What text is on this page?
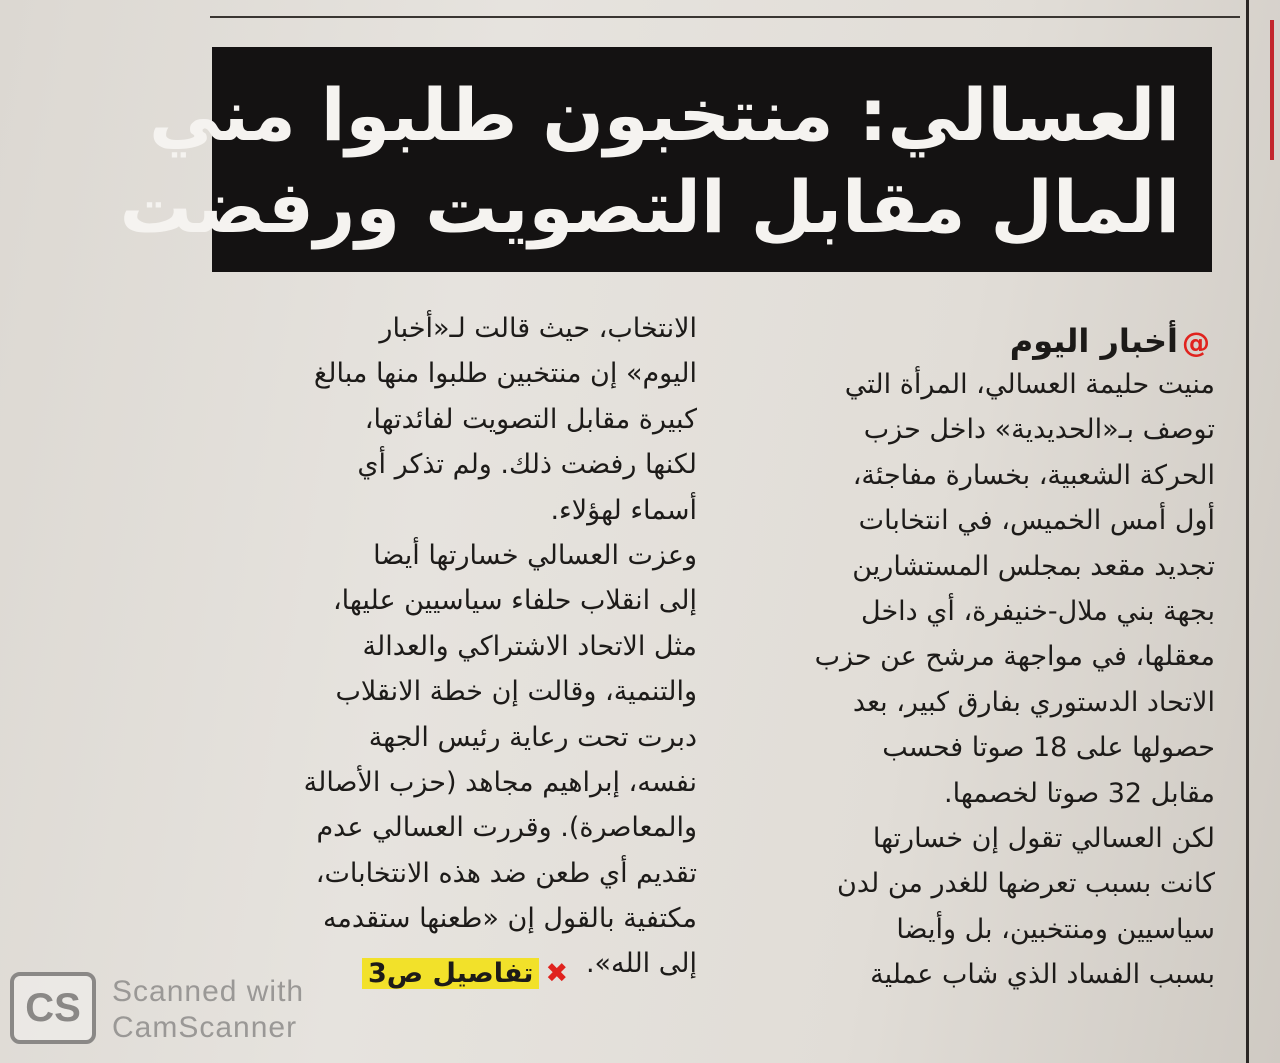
العسالي: منتخبون طلبوا مني
المال مقابل التصويت ورفضت
@أخبار اليوم
منيت حليمة العسالي، المرأة التي
توصف بـ«الحديدية» داخل حزب
الحركة الشعبية، بخسارة مفاجئة،
أول أمس الخميس، في انتخابات
تجديد مقعد بمجلس المستشارين
بجهة بني ملال-خنيفرة، أي داخل
معقلها، في مواجهة مرشح عن حزب
الاتحاد الدستوري بفارق كبير، بعد
حصولها على 18 صوتا فحسب
مقابل 32 صوتا لخصمها.
لكن العسالي تقول إن خسارتها
كانت بسبب تعرضها للغدر من لدن
سياسيين ومنتخبين، بل وأيضا
بسبب الفساد الذي شاب عملية
الانتخاب، حيث قالت لـ«أخبار
اليوم» إن منتخبين طلبوا منها مبالغ
كبيرة مقابل التصويت لفائدتها،
لكنها رفضت ذلك. ولم تذكر أي
أسماء لهؤلاء.
وعزت العسالي خسارتها أيضا
إلى انقلاب حلفاء سياسيين عليها،
مثل الاتحاد الاشتراكي والعدالة
والتنمية، وقالت إن خطة الانقلاب
دبرت تحت رعاية رئيس الجهة
نفسه، إبراهيم مجاهد (حزب الأصالة
والمعاصرة). وقررت العسالي عدم
تقديم أي طعن ضد هذه الانتخابات،
مكتفية بالقول إن «طعنها ستقدمه
إلى الله».
✖تفاصيل ص3
CS	Scanned with
CamScanner
